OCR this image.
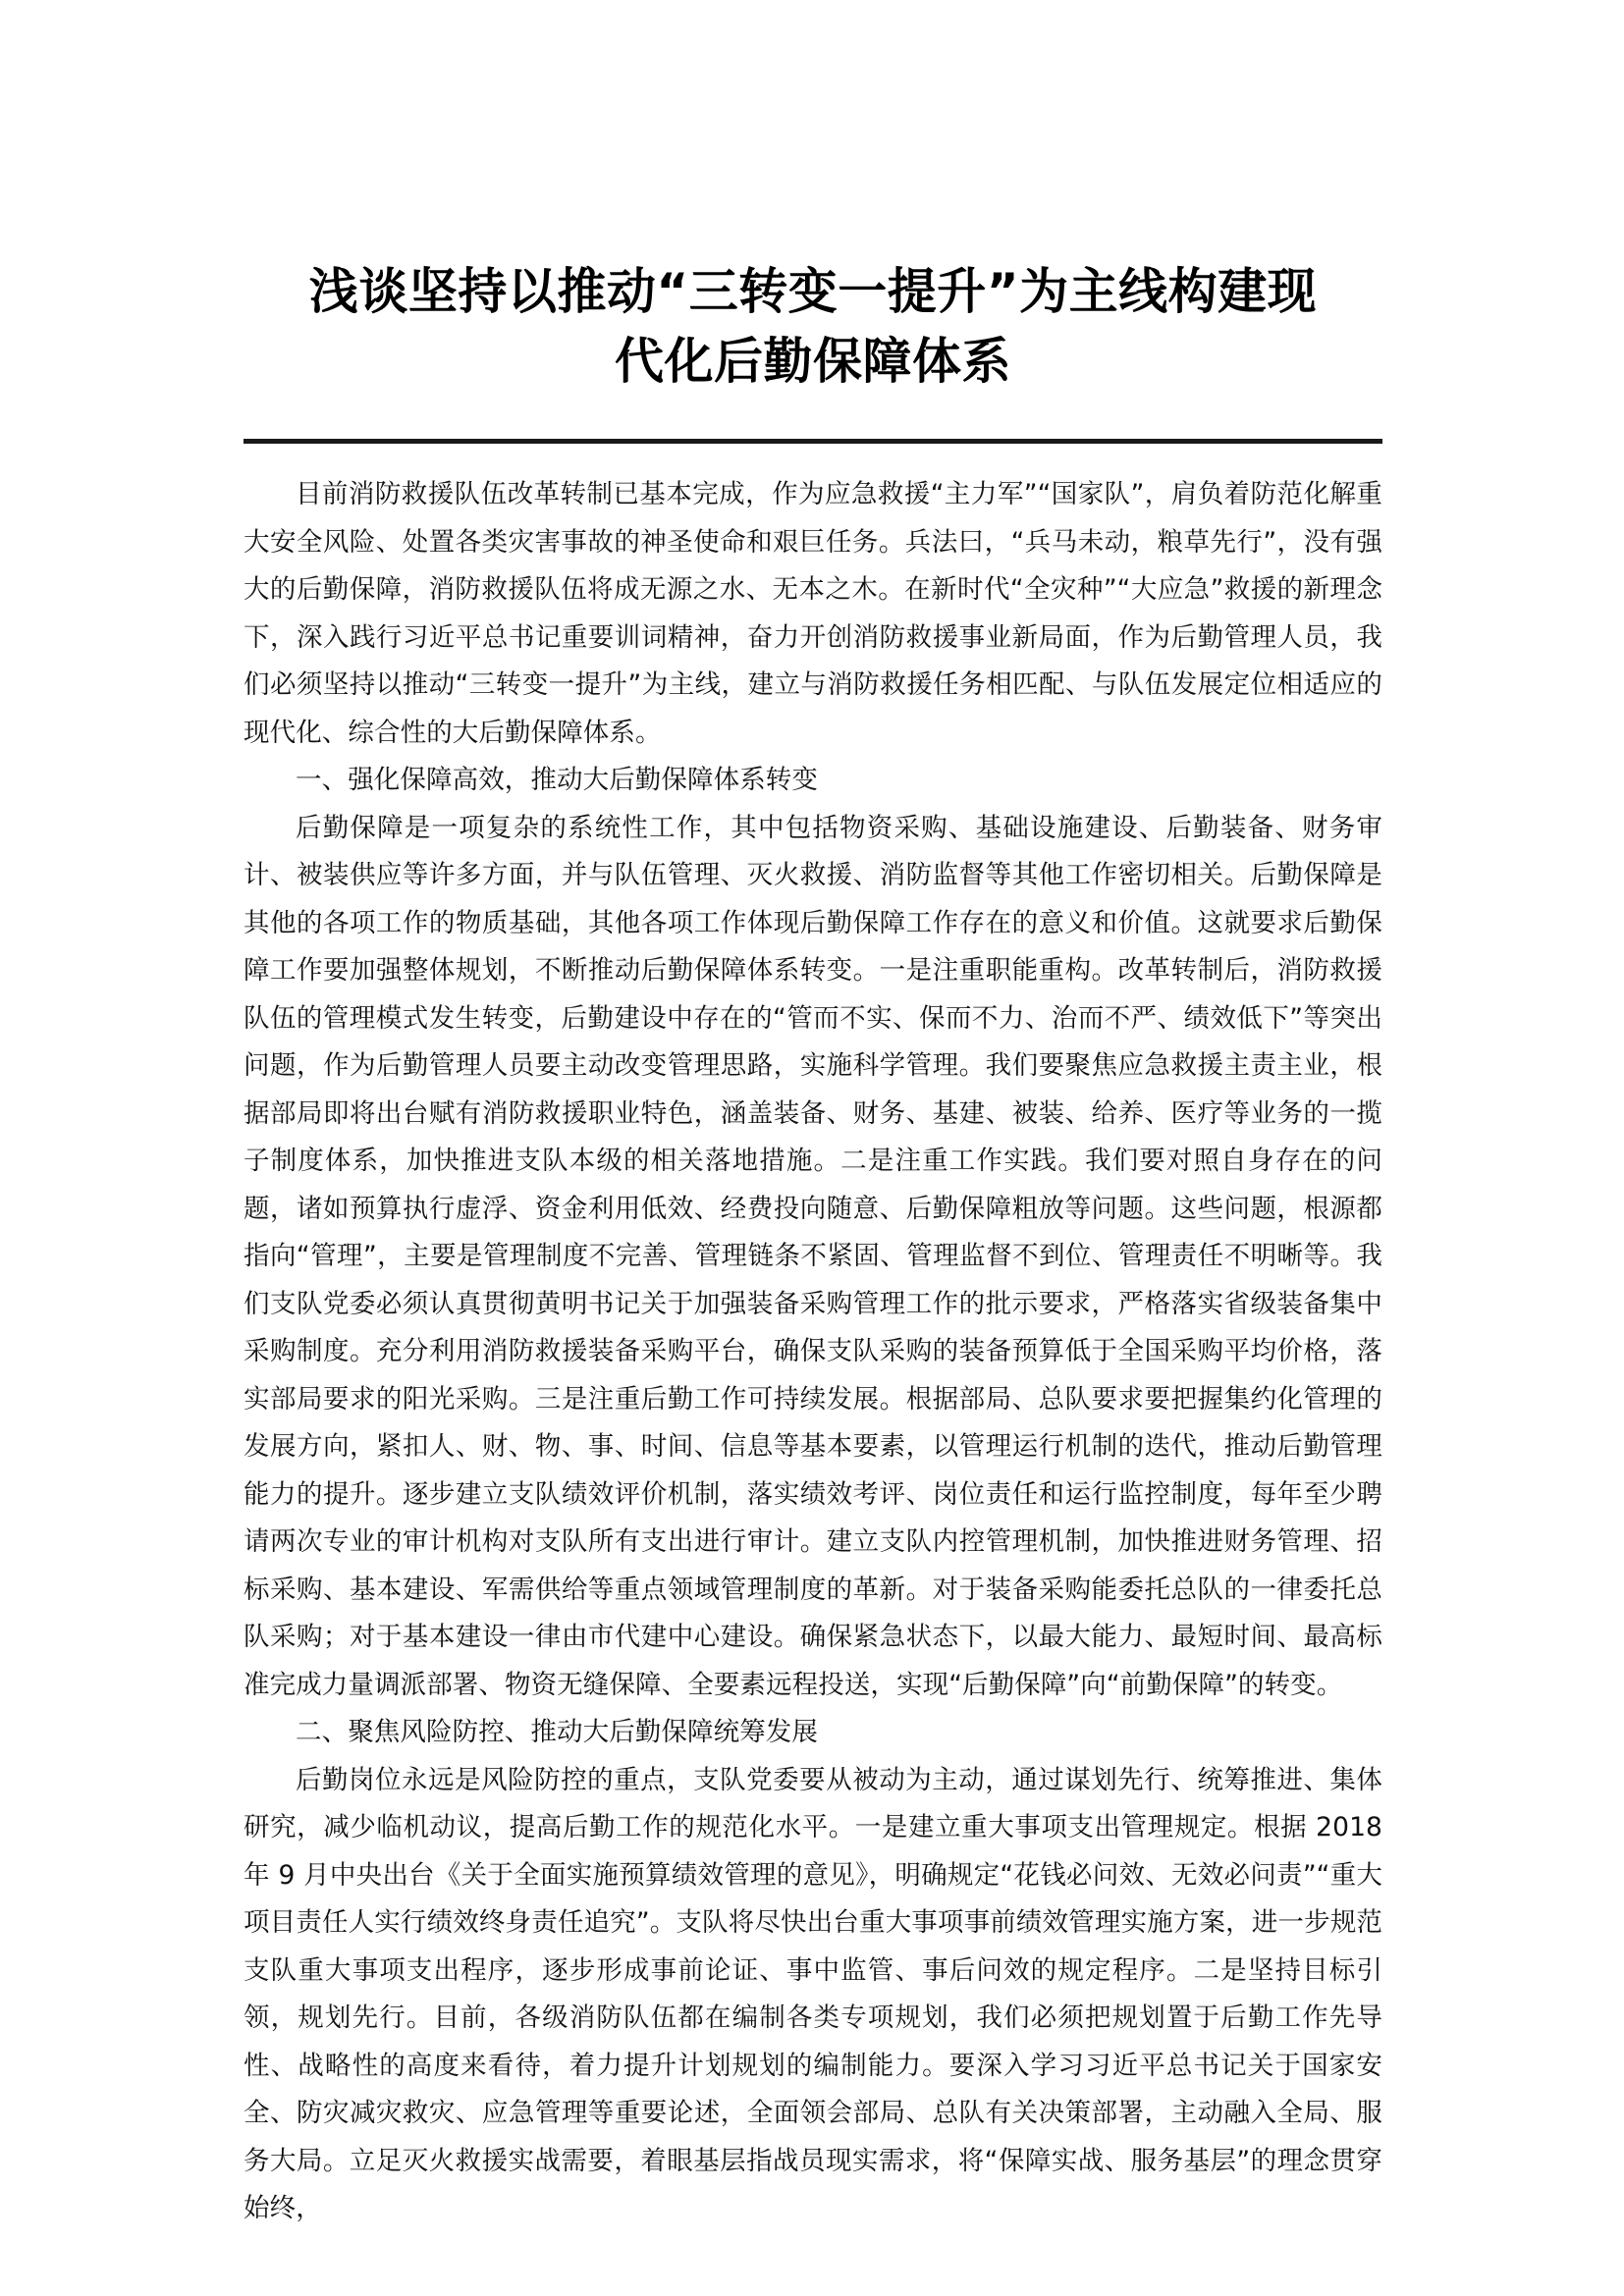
浅谈坚持以推动“三转变一提升”为主线构建现
代化后勤保障体系

目前消防救援队伍改革转制已基本完成，作为应急救援“主力军”“国家队”，肩负着防范化解重大安全风险、处置各类灾害事故的神圣使命和艰巨任务。兵法曰，“兵马未动，粮草先行”，没有强大的后勤保障，消防救援队伍将成无源之水、无本之木。在新时代“全灾种”“大应急”救援的新理念下，深入践行习近平总书记重要训词精神，奋力开创消防救援事业新局面，作为后勤管理人员，我们必须坚持以推动“三转变一提升”为主线，建立与消防救援任务相匹配、与队伍发展定位相适应的现代化、综合性的大后勤保障体系。

一、强化保障高效，推动大后勤保障体系转变

后勤保障是一项复杂的系统性工作，其中包括物资采购、基础设施建设、后勤装备、财务审计、被装供应等许多方面，并与队伍管理、灭火救援、消防监督等其他工作密切相关。后勤保障是其他的各项工作的物质基础，其他各项工作体现后勤保障工作存在的意义和价值。这就要求后勤保障工作要加强整体规划，不断推动后勤保障体系转变。一是注重职能重构。改革转制后，消防救援队伍的管理模式发生转变，后勤建设中存在的“管而不实、保而不力、治而不严、绩效低下”等突出问题，作为后勤管理人员要主动改变管理思路，实施科学管理。我们要聚焦应急救援主责主业，根据部局即将出台赋有消防救援职业特色，涵盖装备、财务、基建、被装、给养、医疗等业务的一揽子制度体系，加快推进支队本级的相关落地措施。二是注重工作实践。我们要对照自身存在的问题，诸如预算执行虚浮、资金利用低效、经费投向随意、后勤保障粗放等问题。这些问题，根源都指向“管理”，主要是管理制度不完善、管理链条不紧固、管理监督不到位、管理责任不明晰等。我们支队党委必须认真贯彻黄明书记关于加强装备采购管理工作的批示要求，严格落实省级装备集中采购制度。充分利用消防救援装备采购平台，确保支队采购的装备预算低于全国采购平均价格，落实部局要求的阳光采购。三是注重后勤工作可持续发展。根据部局、总队要求要把握集约化管理的发展方向，紧扣人、财、物、事、时间、信息等基本要素，以管理运行机制的迭代，推动后勤管理能力的提升。逐步建立支队绩效评价机制，落实绩效考评、岗位责任和运行监控制度，每年至少聘请两次专业的审计机构对支队所有支出进行审计。建立支队内控管理机制，加快推进财务管理、招标采购、基本建设、军需供给等重点领域管理制度的革新。对于装备采购能委托总队的一律委托总队采购；对于基本建设一律由市代建中心建设。确保紧急状态下，以最大能力、最短时间、最高标准完成力量调派部署、物资无缝保障、全要素远程投送，实现“后勤保障”向“前勤保障”的转变。

二、聚焦风险防控、推动大后勤保障统筹发展

后勤岗位永远是风险防控的重点，支队党委要从被动为主动，通过谋划先行、统筹推进、集体研究，减少临机动议，提高后勤工作的规范化水平。一是建立重大事项支出管理规定。根据 2018 年 9 月中央出台《关于全面实施预算绩效管理的意见》，明确规定“花钱必问效、无效必问责”“重大项目责任人实行绩效终身责任追究”。支队将尽快出台重大事项事前绩效管理实施方案，进一步规范支队重大事项支出程序，逐步形成事前论证、事中监管、事后问效的规定程序。二是坚持目标引领，规划先行。目前，各级消防队伍都在编制各类专项规划，我们必须把规划置于后勤工作先导性、战略性的高度来看待，着力提升计划规划的编制能力。要深入学习习近平总书记关于国家安全、防灾减灾救灾、应急管理等重要论述，全面领会部局、总队有关决策部署，主动融入全局、服务大局。立足灭火救援实战需要，着眼基层指战员现实需求，将“保障实战、服务基层”的理念贯穿始终，
